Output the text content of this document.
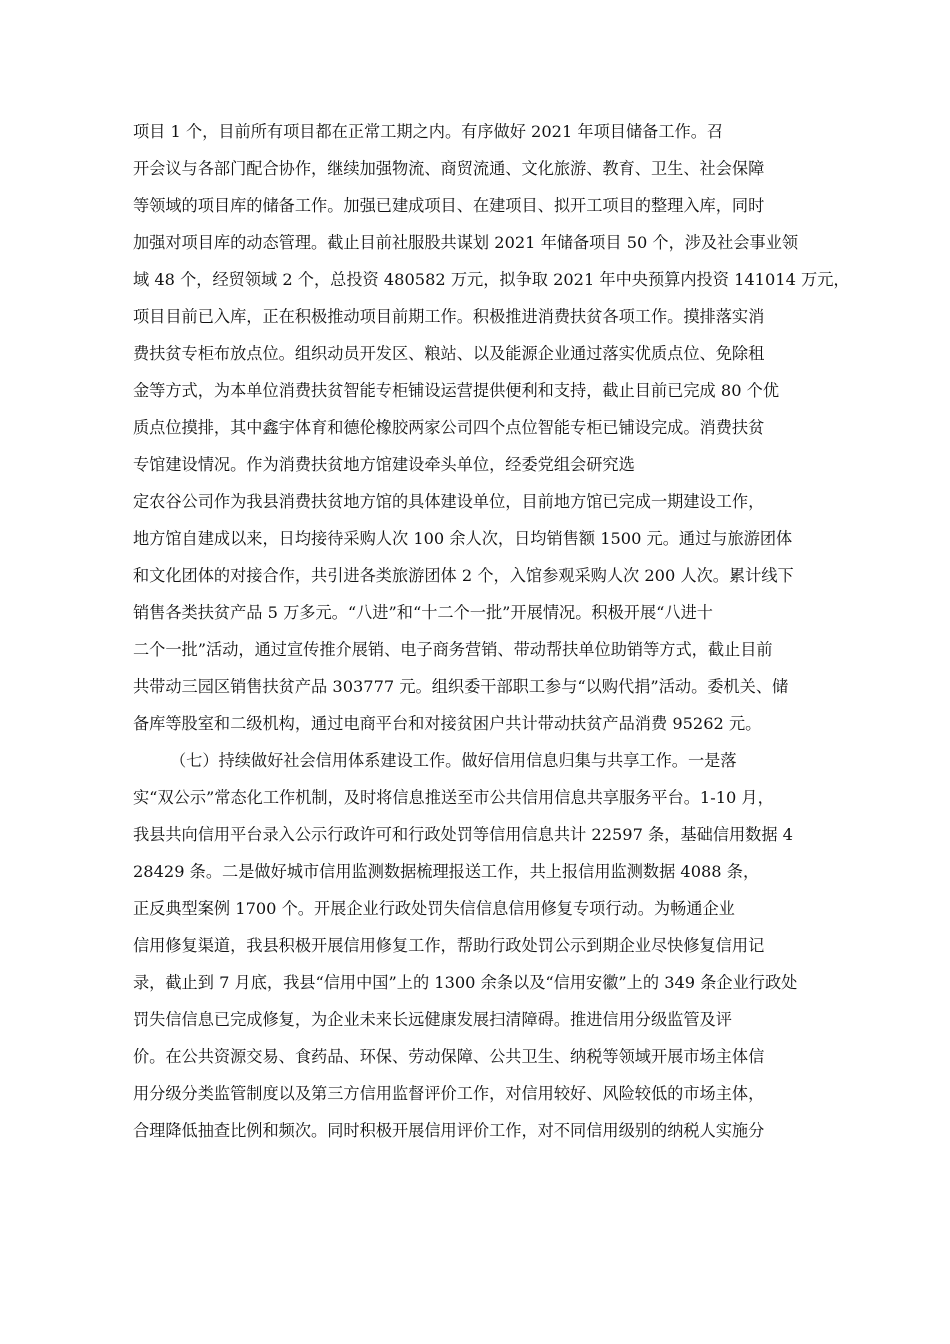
项目 1 个，目前所有项目都在正常工期之内。有序做好 2021 年项目储备工作。召
开会议与各部门配合协作，继续加强物流、商贸流通、文化旅游、教育、卫生、社会保障
等领域的项目库的储备工作。加强已建成项目、在建项目、拟开工项目的整理入库，同时
加强对项目库的动态管理。截止目前社服股共谋划 2021 年储备项目 50 个，涉及社会事业领
域 48 个，经贸领域 2 个，总投资 480582 万元，拟争取 2021 年中央预算内投资 141014 万元，
项目目前已入库，正在积极推动项目前期工作。积极推进消费扶贫各项工作。摸排落实消
费扶贫专柜布放点位。组织动员开发区、粮站、以及能源企业通过落实优质点位、免除租
金等方式，为本单位消费扶贫智能专柜铺设运营提供便利和支持，截止目前已完成 80 个优
质点位摸排，其中鑫宇体育和德伦橡胶两家公司四个点位智能专柜已铺设完成。消费扶贫
专馆建设情况。作为消费扶贫地方馆建设牵头单位，经委党组会研究选
定农谷公司作为我县消费扶贫地方馆的具体建设单位，目前地方馆已完成一期建设工作，
地方馆自建成以来，日均接待采购人次 100 余人次，日均销售额 1500 元。通过与旅游团体
和文化团体的对接合作，共引进各类旅游团体 2 个，入馆参观采购人次 200 人次。累计线下
销售各类扶贫产品 5 万多元。“八进”和“十二个一批”开展情况。积极开展“八进十
二个一批”活动，通过宣传推介展销、电子商务营销、带动帮扶单位助销等方式，截止目前
共带动三园区销售扶贫产品 303777 元。组织委干部职工参与“以购代捐”活动。委机关、储
备库等股室和二级机构，通过电商平台和对接贫困户共计带动扶贫产品消费 95262 元。
（七）持续做好社会信用体系建设工作。做好信用信息归集与共享工作。一是落
实“双公示”常态化工作机制，及时将信息推送至市公共信用信息共享服务平台。1-10 月，
我县共向信用平台录入公示行政许可和行政处罚等信用信息共计 22597 条，基础信用数据 4
28429 条。二是做好城市信用监测数据梳理报送工作，共上报信用监测数据 4088 条，
正反典型案例 1700 个。开展企业行政处罚失信信息信用修复专项行动。为畅通企业
信用修复渠道，我县积极开展信用修复工作，帮助行政处罚公示到期企业尽快修复信用记
录，截止到 7 月底，我县“信用中国”上的 1300 余条以及“信用安徽”上的 349 条企业行政处
罚失信信息已完成修复，为企业未来长远健康发展扫清障碍。推进信用分级监管及评
价。在公共资源交易、食药品、环保、劳动保障、公共卫生、纳税等领域开展市场主体信
用分级分类监管制度以及第三方信用监督评价工作，对信用较好、风险较低的市场主体，
合理降低抽查比例和频次。同时积极开展信用评价工作，对不同信用级别的纳税人实施分
